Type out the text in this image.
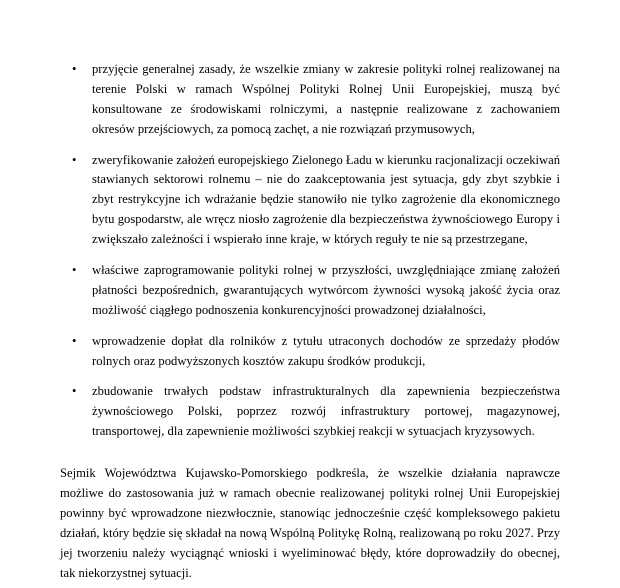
• przyjęcie generalnej zasady, że wszelkie zmiany w zakresie polityki rolnej realizowanej na terenie Polski w ramach Wspólnej Polityki Rolnej Unii Europejskiej, muszą być konsultowane ze środowiskami rolniczymi, a następnie realizowane z zachowaniem okresów przejściowych, za pomocą zachęt, a nie rozwiązań przymusowych,
• zweryfikowanie założeń europejskiego Zielonego Ładu w kierunku racjonalizacji oczekiwań stawianych sektorowi rolnemu – nie do zaakceptowania jest sytuacja, gdy zbyt szybkie i zbyt restrykcyjne ich wdrażanie będzie stanowiło nie tylko zagrożenie dla ekonomicznego bytu gospodarstw, ale wręcz niosło zagrożenie dla bezpieczeństwa żywnościowego Europy i zwiększało zależności i wspierało inne kraje, w których reguły te nie są przestrzegane,
• właściwe zaprogramowanie polityki rolnej w przyszłości, uwzględniające zmianę założeń płatności bezpośrednich, gwarantujących wytwórcom żywności wysoką jakość życia oraz możliwość ciągłego podnoszenia konkurencyjności prowadzonej działalności,
• wprowadzenie dopłat dla rolników z tytułu utraconych dochodów ze sprzedaży płodów rolnych oraz podwyższonych kosztów zakupu środków produkcji,
• zbudowanie trwałych podstaw infrastrukturalnych dla zapewnienia bezpieczeństwa żywnościowego Polski, poprzez rozwój infrastruktury portowej, magazynowej, transportowej, dla zapewnienie możliwości szybkiej reakcji w sytuacjach kryzysowych.

Sejmik Województwa Kujawsko-Pomorskiego podkreśla, że wszelkie działania naprawcze możliwe do zastosowania już w ramach obecnie realizowanej polityki rolnej Unii Europejskiej powinny być wprowadzone niezwłocznie, stanowiąc jednocześnie część kompleksowego pakietu działań, który będzie się składał na nową Wspólną Politykę Rolną, realizowaną po roku 2027. Przy jej tworzeniu należy wyciągnąć wnioski i wyeliminować błędy, które doprowadziły do obecnej, tak niekorzystnej sytuacji.
